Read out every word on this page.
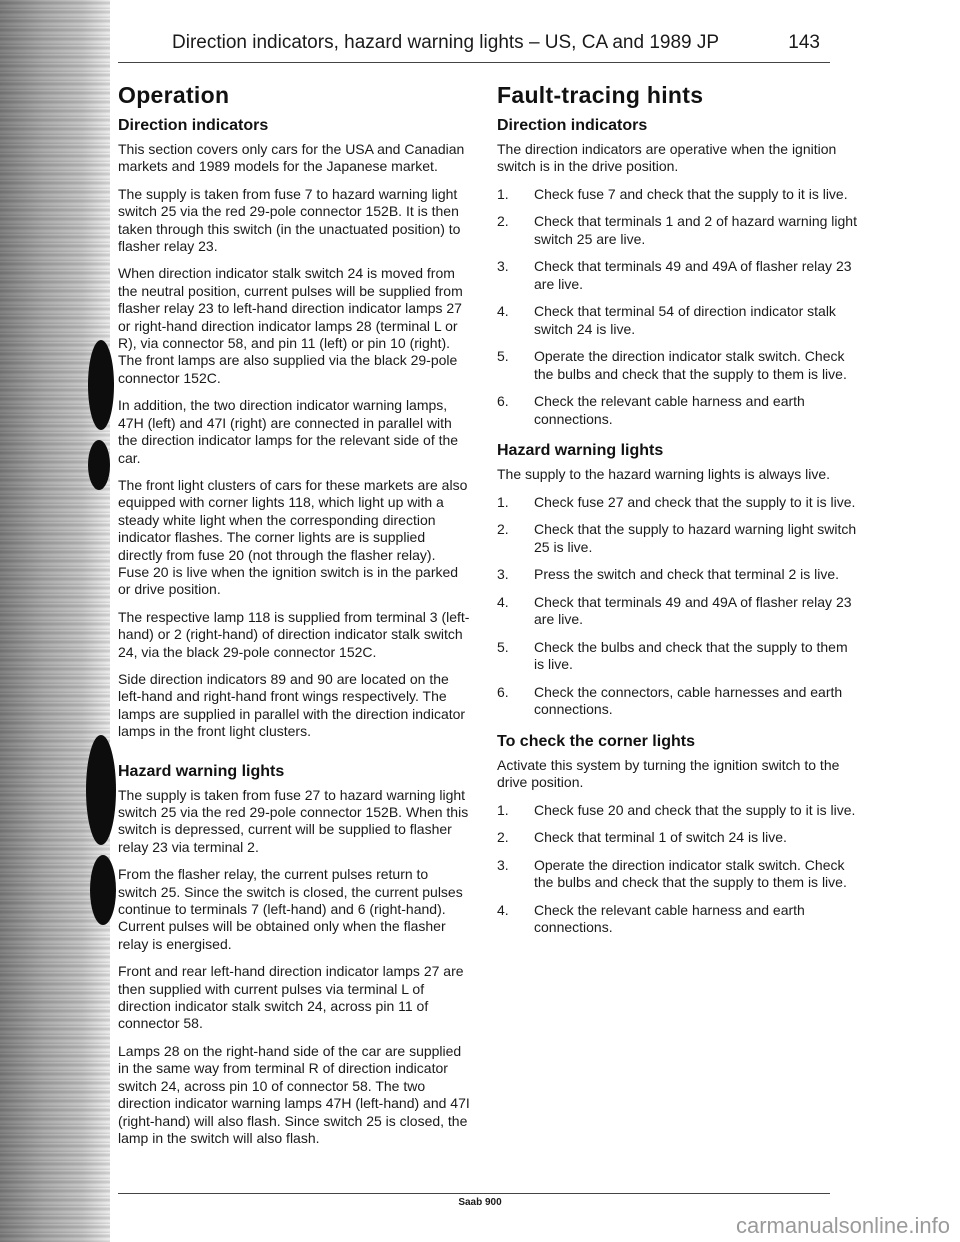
Direction indicators, hazard warning lights – US, CA and 1989 JP	143
Operation
Direction indicators

This section covers only cars for the USA and Canadian markets and 1989 models for the Japanese market.

The supply is taken from fuse 7 to hazard warning light switch 25 via the red 29-pole connector 152B. It is then taken through this switch (in the unactuated position) to flasher relay 23.

When direction indicator stalk switch 24 is moved from the neutral position, current pulses will be supplied from flasher relay 23 to left-hand direction indicator lamps 27 or right-hand direction indicator lamps 28 (terminal L or R), via connector 58, and pin 11 (left) or pin 10 (right). The front lamps are also supplied via the black 29-pole connector 152C.

In addition, the two direction indicator warning lamps, 47H (left) and 47I (right) are connected in parallel with the direction indicator lamps for the relevant side of the car.

The front light clusters of cars for these markets are also equipped with corner lights 118, which light up with a steady white light when the corresponding direction indicator flashes. The corner lights are is supplied directly from fuse 20 (not through the flasher relay). Fuse 20 is live when the ignition switch is in the parked or drive position.

The respective lamp 118 is supplied from terminal 3 (left-hand) or 2 (right-hand) of direction indicator stalk switch 24, via the black 29-pole connector 152C.

Side direction indicators 89 and 90 are located on the left-hand and right-hand front wings respectively. The lamps are supplied in parallel with the direction indicator lamps in the front light clusters.

Hazard warning lights

The supply is taken from fuse 27 to hazard warning light switch 25 via the red 29-pole connector 152B. When this switch is depressed, current will be supplied to flasher relay 23 via terminal 2.

From the flasher relay, the current pulses return to switch 25. Since the switch is closed, the current pulses continue to terminals 7 (left-hand) and 6 (right-hand). Current pulses will be obtained only when the flasher relay is energised.

Front and rear left-hand direction indicator lamps 27 are then supplied with current pulses via terminal L of direction indicator stalk switch 24, across pin 11 of connector 58.

Lamps 28 on the right-hand side of the car are supplied in the same way from terminal R of direction indicator switch 24, across pin 10 of connector 58. The two direction indicator warning lamps 47H (left-hand) and 47I (right-hand) will also flash. Since switch 25 is closed, the lamp in the switch will also flash.

Fault-tracing hints
Direction indicators

The direction indicators are operative when the ignition switch is in the drive position.

1. Check fuse 7 and check that the supply to it is live.
2. Check that terminals 1 and 2 of hazard warning light switch 25 are live.
3. Check that terminals 49 and 49A of flasher relay 23 are live.
4. Check that terminal 54 of direction indicator stalk switch 24 is live.
5. Operate the direction indicator stalk switch. Check the bulbs and check that the supply to them is live.
6. Check the relevant cable harness and earth connections.
Hazard warning lights

The supply to the hazard warning lights is always live.

1. Check fuse 27 and check that the supply to it is live.
2. Check that the supply to hazard warning light switch 25 is live.
3. Press the switch and check that terminal 2 is live.
4. Check that terminals 49 and 49A of flasher relay 23 are live.
5. Check the bulbs and check that the supply to them is live.
6. Check the connectors, cable harnesses and earth connections.
To check the corner lights

Activate this system by turning the ignition switch to the drive position.

1. Check fuse 20 and check that the supply to it is live.
2. Check that terminal 1 of switch 24 is live.
3. Operate the direction indicator stalk switch. Check the bulbs and check that the supply to them is live.
4. Check the relevant cable harness and earth connections.
Saab 900
carmanualsonline.info
